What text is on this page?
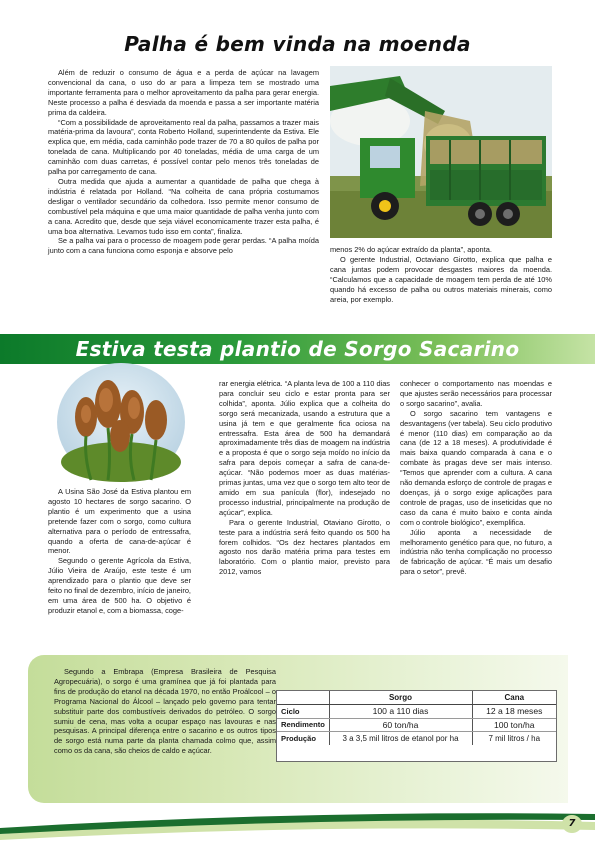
Palha é bem vinda na moenda

Além de reduzir o consumo de água e a perda de açúcar na lavagem convencional da cana, o uso do ar para a limpeza tem se mostrado uma importante ferramenta para o melhor aproveitamento da palha para gerar energia. Neste processo a palha é desviada da moenda e passa a ser importante matéria prima da caldeira.

“Com a possibilidade de aproveitamento real da palha, passamos a trazer mais matéria-prima da lavoura”, conta Roberto Holland, superintendente da Estiva. Ele explica que, em média, cada caminhão pode trazer de 70 a 80 quilos de palha por tonelada de cana. Multiplicando por 40 toneladas, média de uma carga de um caminhão com duas carretas, é possível contar pelo menos três toneladas de palha por carregamento de cana.

Outra medida que ajuda a aumentar a quantidade de palha que chega à indústria é relatada por Holland. “Na colheita de cana própria costumamos desligar o ventilador secundário da colhedora. Isso permite menor consumo de combustível pela máquina e que uma maior quantidade de palha venha junto com a cana. Acredito que, desde que seja viável economicamente trazer esta palha, é uma boa alternativa. Levamos tudo isso em conta”, finaliza.

Se a palha vai para o processo de moagem pode gerar perdas. “A palha moída junto com a cana funciona como esponja e absorve pelo	menos 2% do açúcar extraído da planta”, aponta.

O gerente Industrial, Octaviano Girotto, explica que palha e cana juntas podem provocar desgastes maiores da moenda. “Calculamos que a capacidade de moagem tem perda de até 10% quando há excesso de palha ou outros materiais minerais, como areia, por exemplo.

Estiva testa plantio de Sorgo Sacarino

A Usina São José da Estiva plantou em agosto 10 hectares de sorgo sacarino. O plantio é um experimento que a usina pretende fazer com o sorgo, como cultura alternativa para o período de entressafra, quando a oferta de cana-de-açúcar é menor.

Segundo o gerente Agrícola da Estiva, Júlio Vieira de Araújo, este teste é um aprendizado para o plantio que deve ser feito no final de dezembro, início de janeiro, em uma área de 500 ha. O objetivo é produzir etanol e, com a biomassa, coge-

rar energia elétrica. “A planta leva de 100 a 110 dias para concluir seu ciclo e estar pronta para ser colhida”, aponta. Júlio explica que a colheita do sorgo será mecanizada, usando a estrutura que a usina já tem e que geralmente fica ociosa na entressafra. Esta área de 500 ha demandará aproximadamente três dias de moagem na indústria e a proposta é que o sorgo seja moído no início da safra para depois começar a safra de cana-de-açúcar. “Não podemos moer as duas matérias-primas juntas, uma vez que o sorgo tem alto teor de amido em sua panícula (flor), indesejado no processo industrial, principalmente na produção de açúcar”, explica.

Para o gerente Industrial, Otaviano Girotto, o teste para a indústria será feito quando os 500 ha forem colhidos. “Os dez hectares plantados em agosto nos darão matéria prima para testes em laboratório. Com o plantio maior, previsto para 2012, vamos

conhecer o comportamento nas moendas e que ajustes serão necessários para processar o sorgo sacarino”, avalia.

O sorgo sacarino tem vantagens e desvantagens (ver tabela). Seu ciclo produtivo é menor (110 dias) em comparação ao da cana (de 12 a 18 meses). A produtividade é mais baixa quando comparada à cana e o combate às pragas deve ser mais intenso. “Temos que aprender com a cultura. A cana não demanda esforço de controle de pragas e doenças, já o sorgo exige aplicações para controle de pragas, uso de inseticidas que no caso da cana é muito baixo e conta ainda com o controle biológico”, exemplifica.

Júlio aponta a necessidade de melhoramento genético para que, no futuro, a indústria não tenha complicação no processo de fabricação de açúcar. “É mais um desafio para o setor”, prevê.

Segundo a Embrapa (Empresa Brasileira de Pesquisa Agropecuária), o sorgo é uma gramínea que já foi plantada para fins de produção do etanol na década 1970, no então Proálcool – o Programa Nacional do Álcool – lançado pelo governo para tentar substituir parte dos combustíveis derivados do petróleo. O sorgo sumiu de cena, mas volta a ocupar espaço nas lavouras e nas pesquisas. A principal diferença entre o sacarino e os outros tipos de sorgo está numa parte da planta chamada colmo que, assim como os da cana, são cheios de caldo e açúcar.

	Sorgo	Cana
Ciclo	100 a 110 dias	12 a 18 meses
Rendimento	60 ton/ha	100 ton/ha
Produção	3 a 3,5 mil litros de etanol por ha	7 mil litros / ha
7
